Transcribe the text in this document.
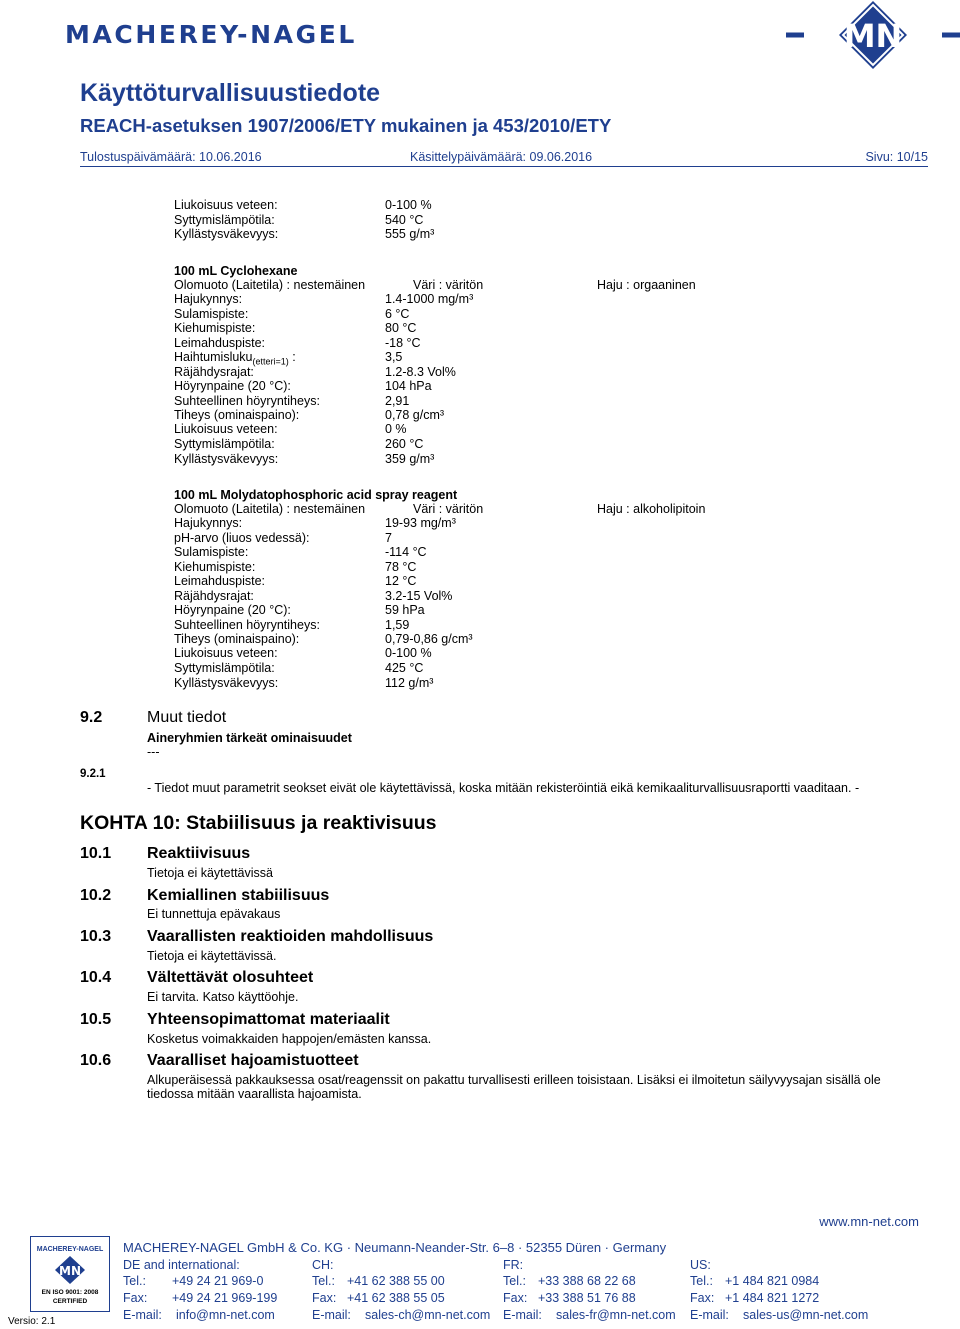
MACHEREY-NAGEL	MN
Käyttöturvallisuustiedote
REACH-asetuksen 1907/2006/ETY mukainen ja 453/2010/ETY
Tulostuspäivämäärä: 10.06.2016	Käsittelypäivämäärä: 09.06.2016	Sivu: 10/15
Liukoisuus veteen:	0-100 %
Syttymislämpötila:	540 °C
Kyllästysväkevyys:	555 g/m³
100 mL Cyclohexane
Olomuoto (Laitetila) : nestemäinen	Väri : väritön	Haju : orgaaninen
Hajukynnys:	1.4-1000 mg/m³
Sulamispiste:	6 °C
Kiehumispiste:	80 °C
Leimahduspiste:	-18 °C
Haihtumisluku$_{(etteri=1)}$ :	3,5
Räjähdysrajat:	1.2-8.3 Vol%
Höyrynpaine (20 °C):	104 hPa
Suhteellinen höyryntiheys:	2,91
Tiheys (ominaispaino):	0,78 g/cm³
Liukoisuus veteen:	0 %
Syttymislämpötila:	260 °C
Kyllästysväkevyys:	359 g/m³
100 mL Molydatophosphoric acid spray reagent
Olomuoto (Laitetila) : nestemäinen	Väri : väritön	Haju : alkoholipitoin
Hajukynnys:	19-93 mg/m³
pH-arvo (liuos vedessä):	7
Sulamispiste:	-114 °C
Kiehumispiste:	78 °C
Leimahduspiste:	12 °C
Räjähdysrajat:	3.2-15 Vol%
Höyrynpaine (20 °C):	59 hPa
Suhteellinen höyryntiheys:	1,59
Tiheys (ominaispaino):	0,79-0,86 g/cm³
Liukoisuus veteen:	0-100 %
Syttymislämpötila:	425 °C
Kyllästysväkevyys:	112 g/m³
9.2	Muut tiedot
Aineryhmien tärkeät ominaisuudet
---
9.2.1
- Tiedot muut parametrit seokset eivät ole käytettävissä, koska mitään rekisteröintiä eikä kemikaaliturvallisuusraportti vaaditaan. -
KOHTA 10: Stabiilisuus ja reaktivisuus
10.1 Reaktiivisuus
Tietoja ei käytettävissä
10.2 Kemiallinen stabiilisuus
Ei tunnettuja epävakaus
10.3 Vaarallisten reaktioiden mahdollisuus
Tietoja ei käytettävissä.
10.4 Vältettävät olosuhteet
Ei tarvita. Katso käyttöohje.
10.5 Yhteensopimattomat materiaalit
Kosketus voimakkaiden happojen/emästen kanssa.
10.6 Vaaralliset hajoamistuotteet
Alkuperäisessä pakkauksessa osat/reagenssit on pakattu turvallisesti erilleen toisistaan. Lisäksi ei ilmoitetun säilyvyysajan sisällä ole tiedossa mitään vaarallista hajoamista.
www.mn-net.com
MACHEREY-NAGEL
MN
EN ISO 9001: 2008
CERTIFIED
MACHEREY-NAGEL GmbH & Co. KG · Neumann-Neander-Str. 6–8 · 52355 Düren · Germany
DE and international:
Tel.: +49 24 21 969-0
Fax: +49 24 21 969-199
E-mail: info@mn-net.com
CH:
Tel.: +41 62 388 55 00
Fax: +41 62 388 55 05
E-mail: sales-ch@mn-net.com
FR:
Tel.: +33 388 68 22 68
Fax: +33 388 51 76 88
E-mail: sales-fr@mn-net.com
US:
Tel.: +1 484 821 0984
Fax: +1 484 821 1272
E-mail: sales-us@mn-net.com
Versio: 2.1
